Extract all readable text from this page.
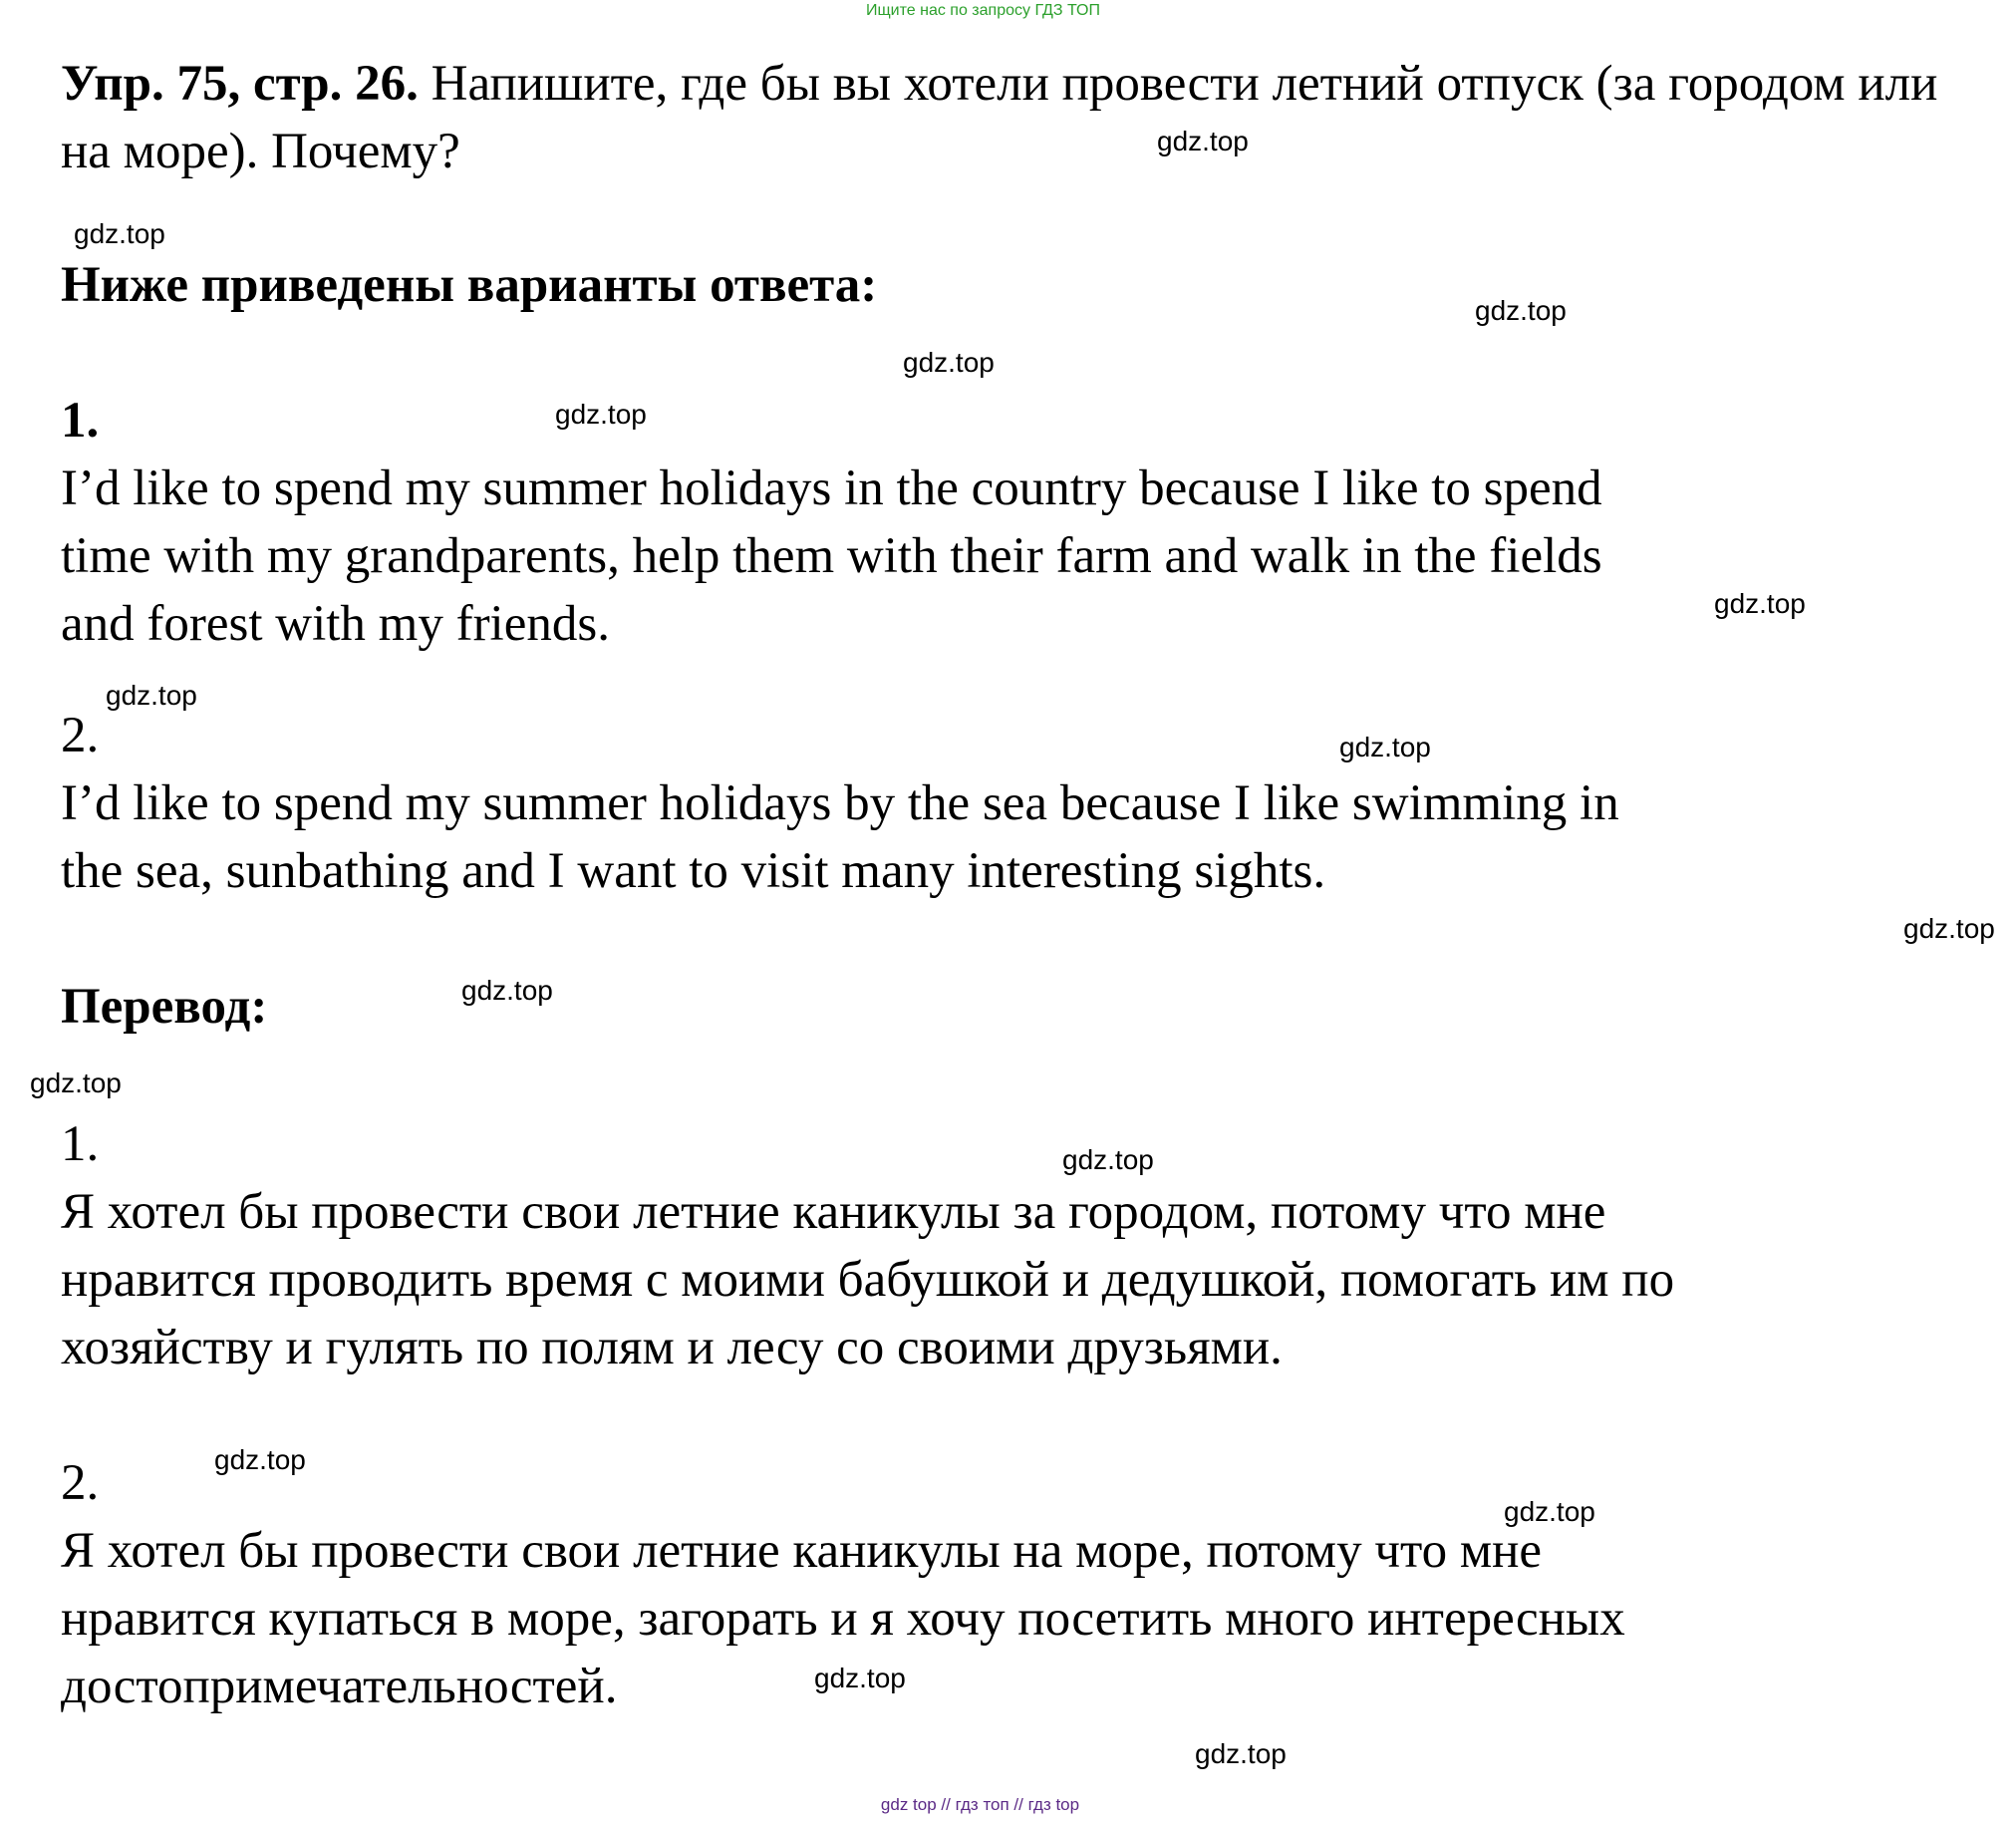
Ищите нас по запросу ГДЗ ТОП

Упр. 75, стр. 26. Напишите, где бы вы хотели провести летний отпуск (за городом или на море). Почему?

Ниже приведены варианты ответа:

1.

I’d like to spend my summer holidays in the country because I like to spend

time with my grandparents, help them with their farm and walk in the fields

and forest with my friends.

2.

I’d like to spend my summer holidays by the sea because I like swimming in

the sea, sunbathing and I want to visit many interesting sights.

Перевод:

1.

Я хотел бы провести свои летние каникулы за городом, потому что мне

нравится проводить время с моими бабушкой и дедушкой, помогать им по

хозяйству и гулять по полям и лесу со своими друзьями.

2.

Я хотел бы провести свои летние каникулы на море, потому что мне

нравится купаться в море, загорать и я хочу посетить много интересных

достопримечательностей.

gdz.top
gdz.top
gdz.top
gdz.top
gdz.top
gdz.top
gdz.top
gdz.top
gdz.top
gdz.top
gdz.top
gdz.top
gdz.top
gdz.top
gdz.top
gdz.top
gdz top // гдз топ // гдз top
